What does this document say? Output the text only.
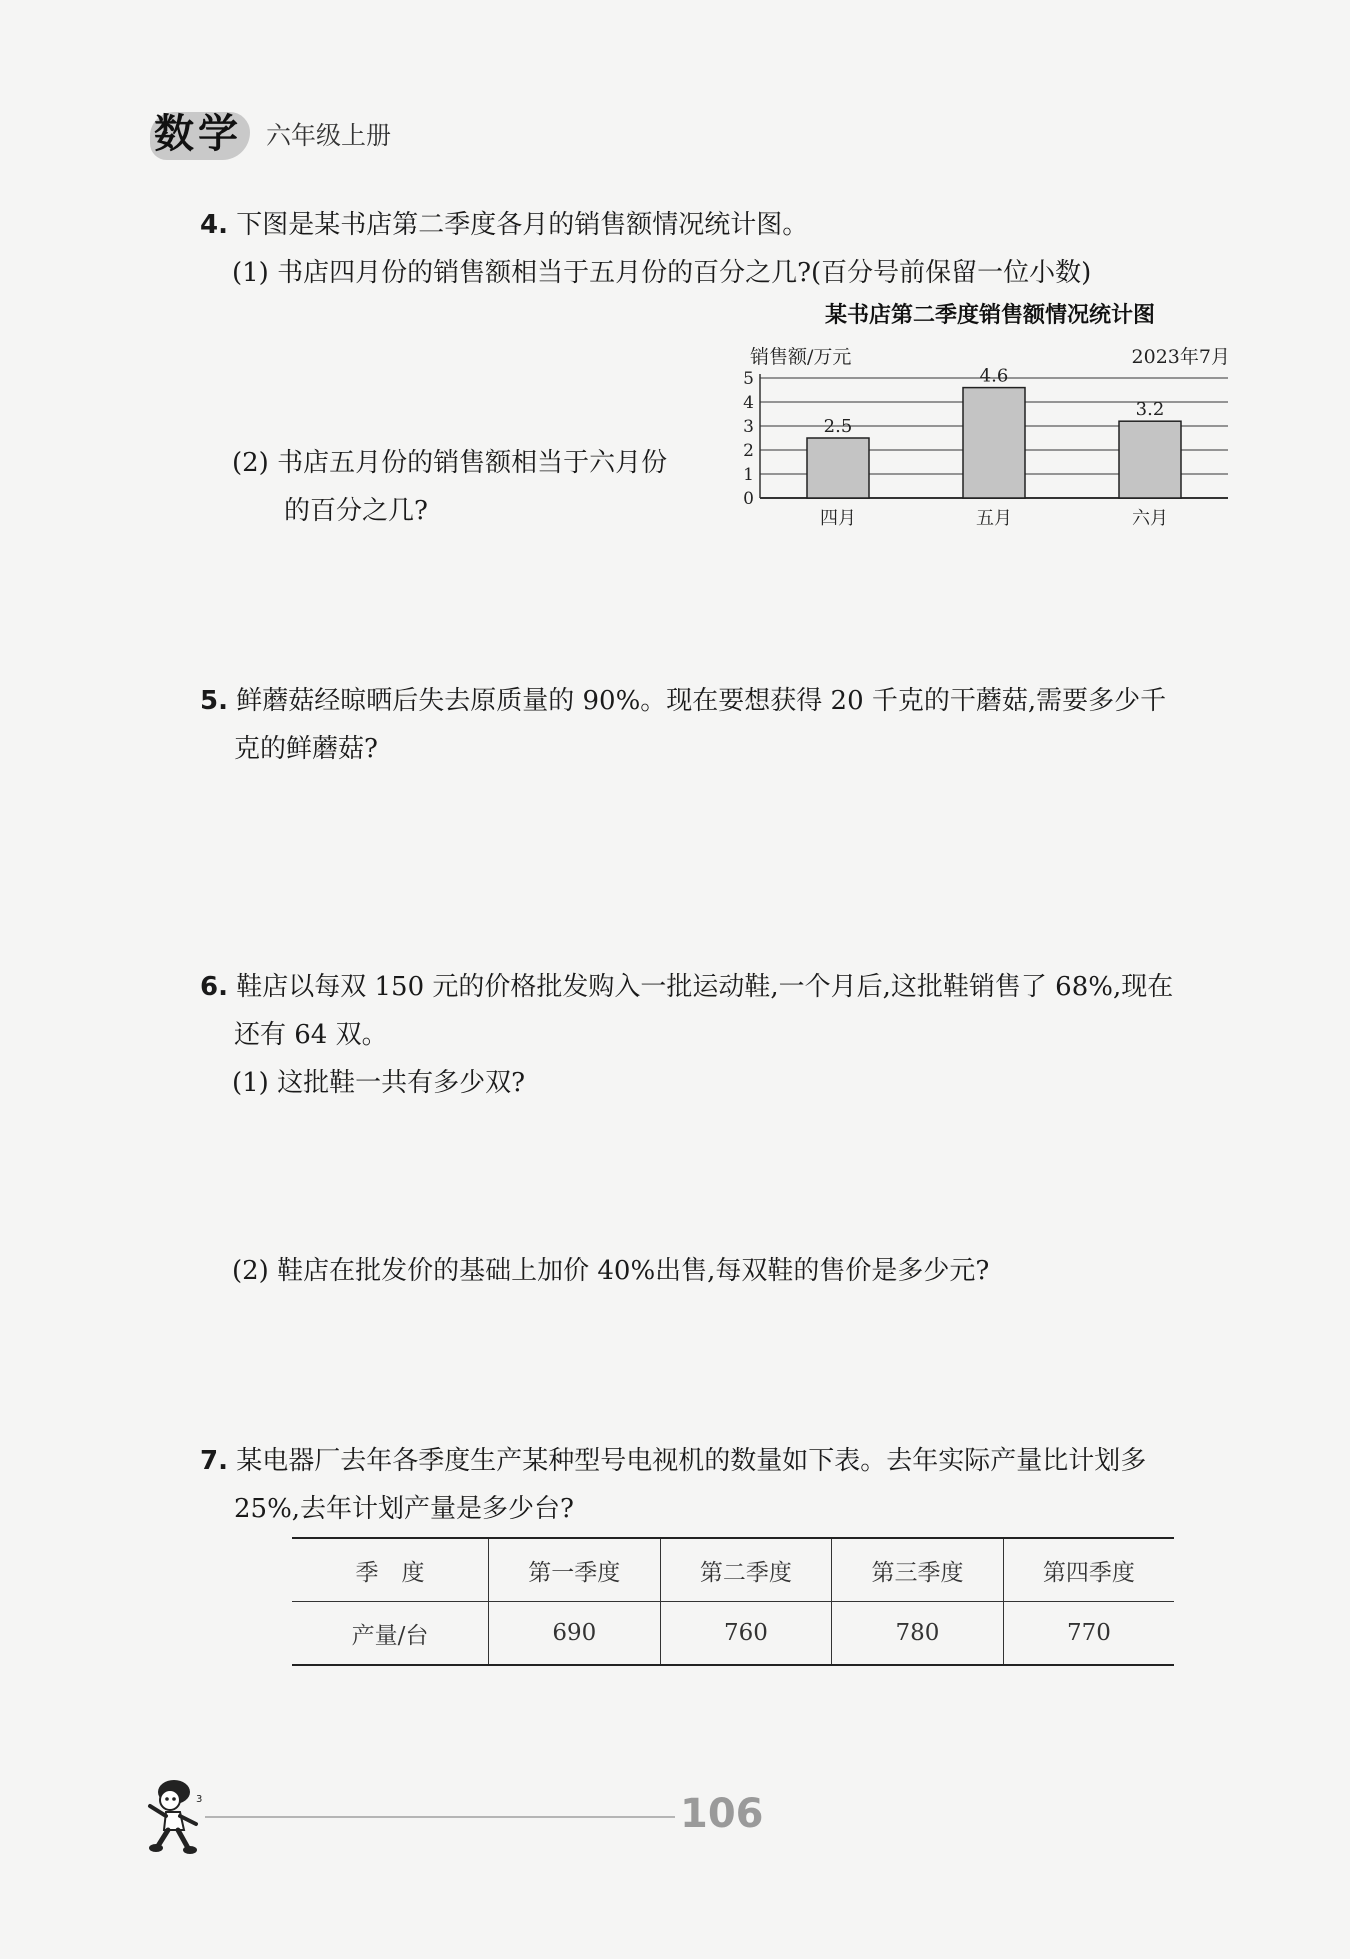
数学 六年级上册
4. 下图是某书店第二季度各月的销售额情况统计图。
(1) 书店四月份的销售额相当于五月份的百分之几?(百分号前保留一位小数)
(2) 书店五月份的销售额相当于六月份
的百分之几?
某书店第二季度销售额情况统计图
销售额/万元	2023年7月
0
1
2
3
4
5
2.5
四月
4.6
五月
3.2
六月
5. 鲜蘑菇经晾晒后失去原质量的 90%。现在要想获得 20 千克的干蘑菇,需要多少千
克的鲜蘑菇?
6. 鞋店以每双 150 元的价格批发购入一批运动鞋,一个月后,这批鞋销售了 68%,现在
还有 64 双。
(1) 这批鞋一共有多少双?
(2) 鞋店在批发价的基础上加价 40%出售,每双鞋的售价是多少元?
7. 某电器厂去年各季度生产某种型号电视机的数量如下表。去年实际产量比计划多
25%,去年计划产量是多少台?
季　度	第一季度	第二季度	第三季度	第四季度
产量/台	690	760	780	770
3	106
